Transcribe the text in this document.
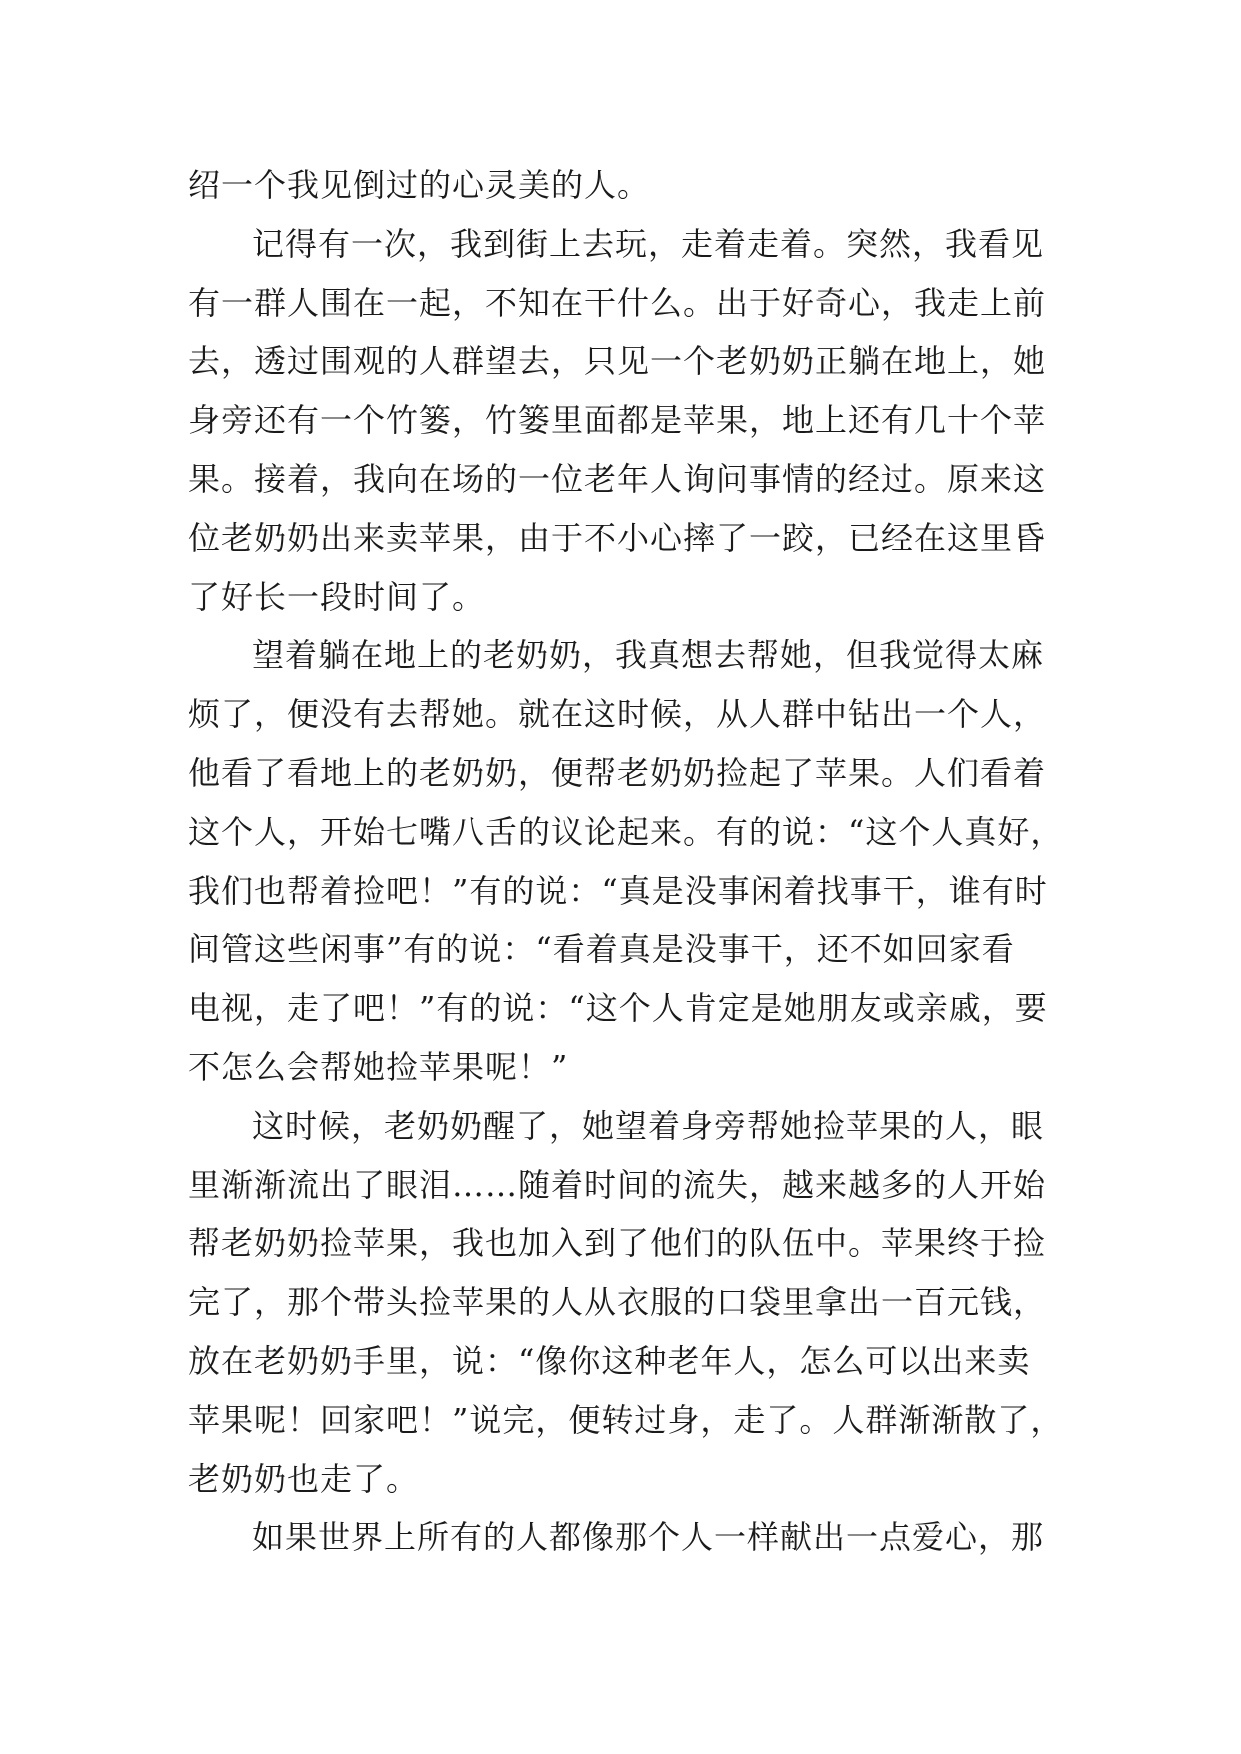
绍一个我见倒过的心灵美的人。
记得有一次，我到街上去玩，走着走着。突然，我看见
有一群人围在一起，不知在干什么。出于好奇心，我走上前
去，透过围观的人群望去，只见一个老奶奶正躺在地上，她
身旁还有一个竹篓，竹篓里面都是苹果，地上还有几十个苹
果。接着，我向在场的一位老年人询问事情的经过。原来这
位老奶奶出来卖苹果，由于不小心摔了一跤，已经在这里昏
了好长一段时间了。
望着躺在地上的老奶奶，我真想去帮她，但我觉得太麻
烦了，便没有去帮她。就在这时候，从人群中钻出一个人，
他看了看地上的老奶奶，便帮老奶奶捡起了苹果。人们看着
这个人，开始七嘴八舌的议论起来。有的说：“这个人真好，
我们也帮着捡吧！”有的说：“真是没事闲着找事干，谁有时
间管这些闲事”有的说：“看着真是没事干，还不如回家看
电视，走了吧！”有的说：“这个人肯定是她朋友或亲戚，要
不怎么会帮她捡苹果呢！”
这时候，老奶奶醒了，她望着身旁帮她捡苹果的人，眼
里渐渐流出了眼泪……随着时间的流失，越来越多的人开始
帮老奶奶捡苹果，我也加入到了他们的队伍中。苹果终于捡
完了，那个带头捡苹果的人从衣服的口袋里拿出一百元钱，
放在老奶奶手里，说：“像你这种老年人，怎么可以出来卖
苹果呢！回家吧！”说完，便转过身，走了。人群渐渐散了，
老奶奶也走了。
如果世界上所有的人都像那个人一样献出一点爱心，那
